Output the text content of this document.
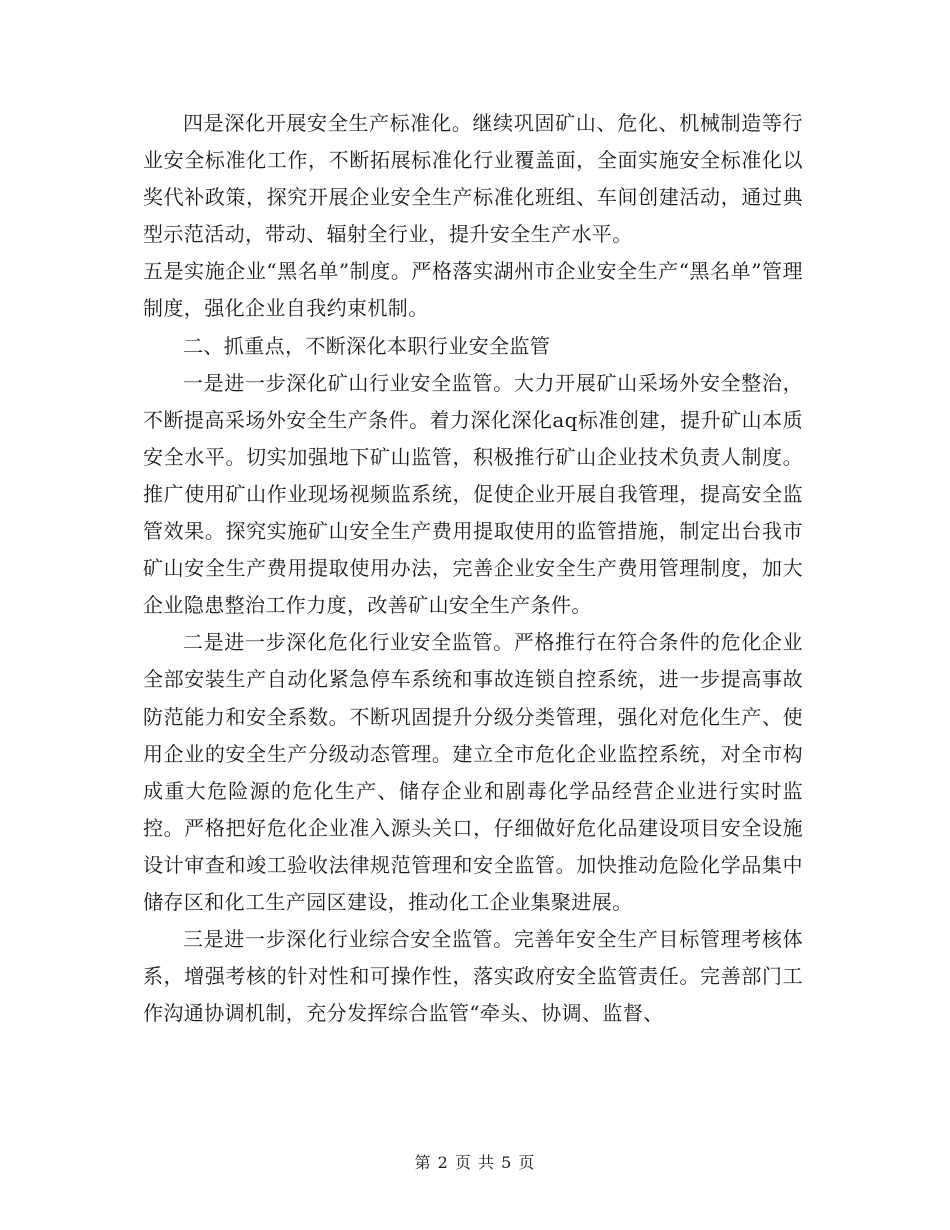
四是深化开展安全生产标准化。继续巩固矿山、危化、机械制造等行业安全标准化工作，不断拓展标准化行业覆盖面，全面实施安全标准化以奖代补政策，探究开展企业安全生产标准化班组、车间创建活动，通过典型示范活动，带动、辐射全行业，提升安全生产水平。

五是实施企业“黑名单”制度。严格落实湖州市企业安全生产“黑名单”管理制度，强化企业自我约束机制。

二、抓重点，不断深化本职行业安全监管

一是进一步深化矿山行业安全监管。大力开展矿山采场外安全整治，不断提高采场外安全生产条件。着力深化深化aq标准创建，提升矿山本质安全水平。切实加强地下矿山监管，积极推行矿山企业技术负责人制度。推广使用矿山作业现场视频监系统，促使企业开展自我管理，提高安全监管效果。探究实施矿山安全生产费用提取使用的监管措施，制定出台我市矿山安全生产费用提取使用办法，完善企业安全生产费用管理制度，加大企业隐患整治工作力度，改善矿山安全生产条件。

二是进一步深化危化行业安全监管。严格推行在符合条件的危化企业全部安装生产自动化紧急停车系统和事故连锁自控系统，进一步提高事故防范能力和安全系数。不断巩固提升分级分类管理，强化对危化生产、使用企业的安全生产分级动态管理。建立全市危化企业监控系统，对全市构成重大危险源的危化生产、储存企业和剧毒化学品经营企业进行实时监控。严格把好危化企业准入源头关口，仔细做好危化品建设项目安全设施设计审查和竣工验收法律规范管理和安全监管。加快推动危险化学品集中储存区和化工生产园区建设，推动化工企业集聚进展。

三是进一步深化行业综合安全监管。完善年安全生产目标管理考核体系，增强考核的针对性和可操作性，落实政府安全监管责任。完善部门工作沟通协调机制，充分发挥综合监管“牵头、协调、监督、

第 2 页 共 5 页
